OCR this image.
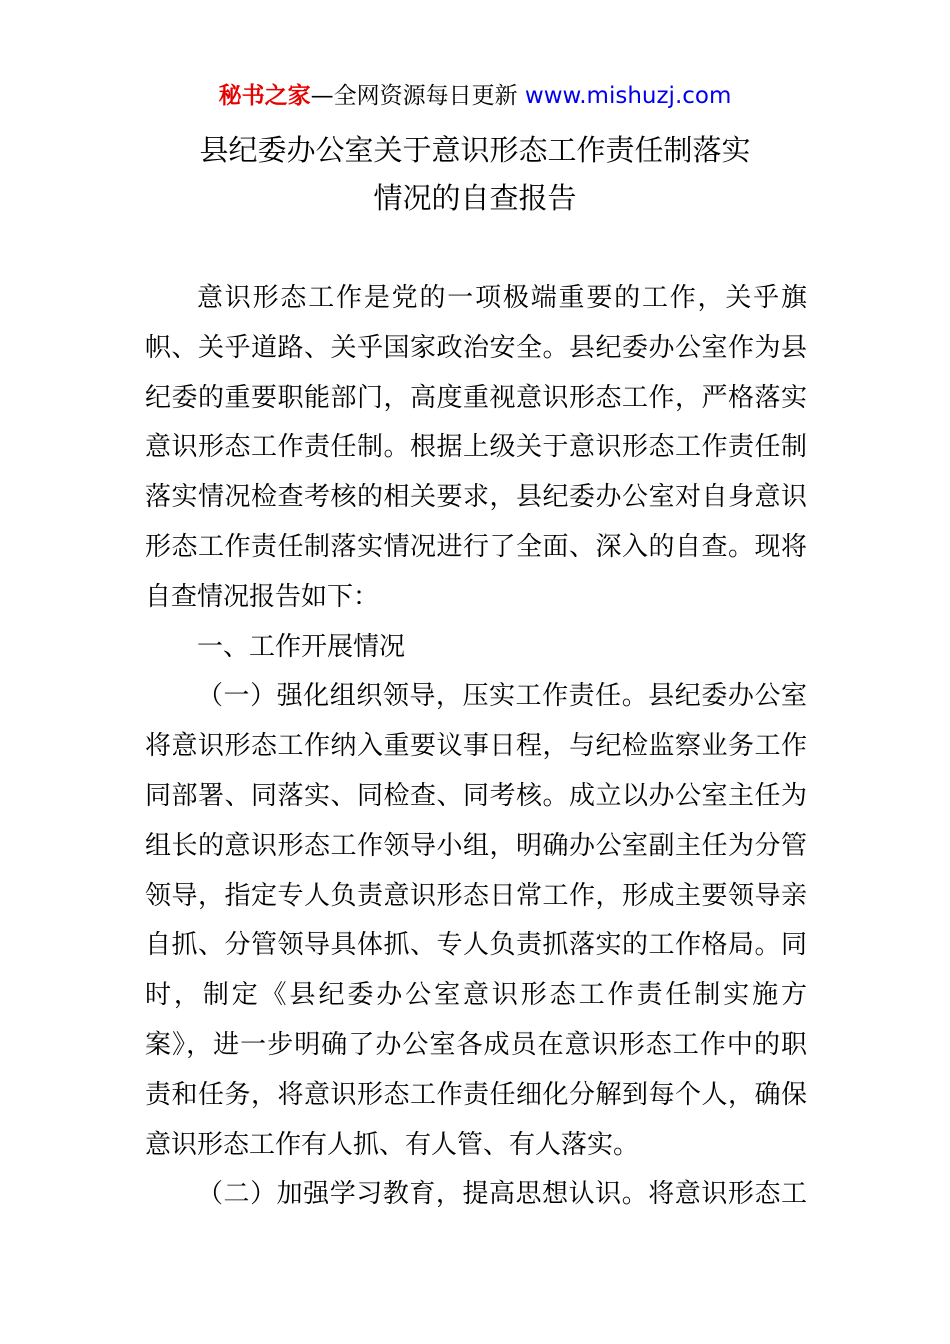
秘书之家—全网资源每日更新 www.mishuzj.com
县纪委办公室关于意识形态工作责任制落实
情况的自查报告
意识形态工作是党的一项极端重要的工作，关乎旗
帜、关乎道路、关乎国家政治安全。县纪委办公室作为县
纪委的重要职能部门，高度重视意识形态工作，严格落实
意识形态工作责任制。根据上级关于意识形态工作责任制
落实情况检查考核的相关要求，县纪委办公室对自身意识
形态工作责任制落实情况进行了全面、深入的自查。现将
自查情况报告如下：
一、工作开展情况
（一）强化组织领导，压实工作责任。县纪委办公室
将意识形态工作纳入重要议事日程，与纪检监察业务工作
同部署、同落实、同检查、同考核。成立以办公室主任为
组长的意识形态工作领导小组，明确办公室副主任为分管
领导，指定专人负责意识形态日常工作，形成主要领导亲
自抓、分管领导具体抓、专人负责抓落实的工作格局。同
时，制定《县纪委办公室意识形态工作责任制实施方
案》，进一步明确了办公室各成员在意识形态工作中的职
责和任务，将意识形态工作责任细化分解到每个人，确保
意识形态工作有人抓、有人管、有人落实。
（二）加强学习教育，提高思想认识。将意识形态工
